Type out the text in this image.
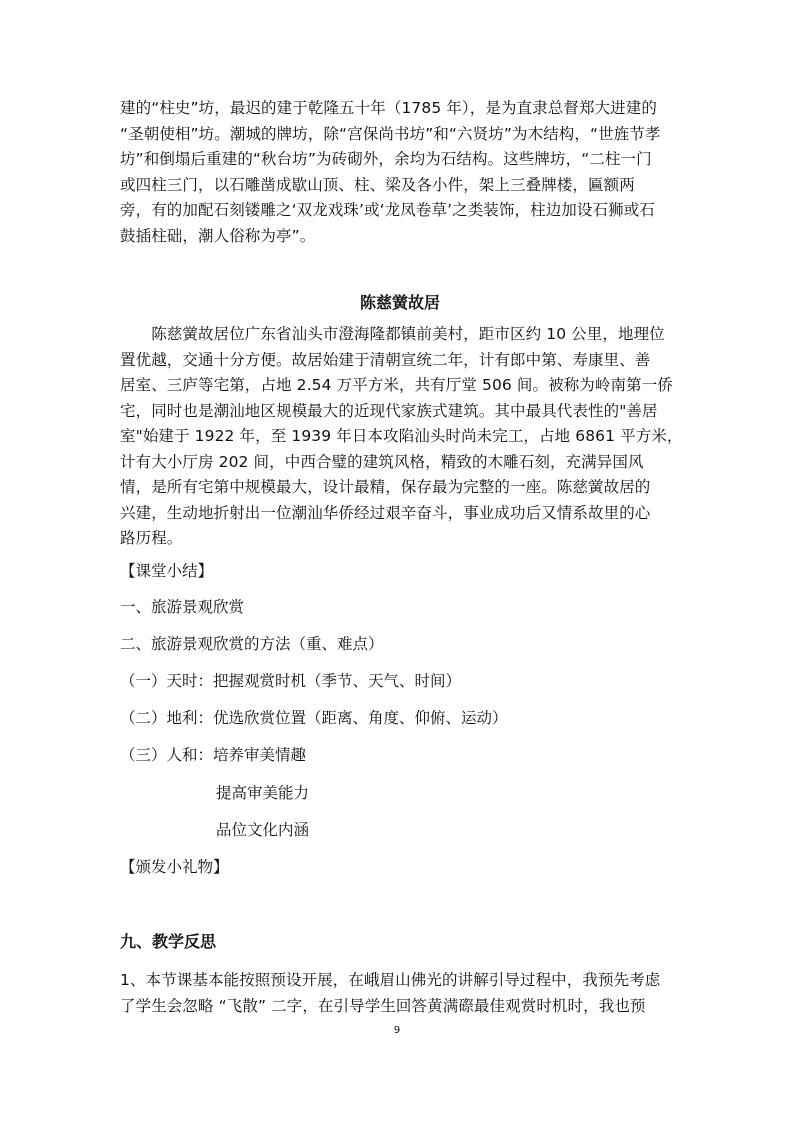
建的“柱史”坊，最迟的建于乾隆五十年（1785 年），是为直隶总督郑大进建的
“圣朝使相”坊。潮城的牌坊，除“宫保尚书坊”和“六贤坊”为木结构，“世旌节孝
坊”和倒塌后重建的“秋台坊”为砖砌外，余均为石结构。这些牌坊，“二柱一门
或四柱三门，以石雕凿成歇山顶、柱、梁及各小件，架上三叠牌楼，匾额两
旁，有的加配石刻镂雕之‘双龙戏珠’或‘龙凤卷草’之类装饰，柱边加设石狮或石
鼓插柱础，潮人俗称为亭”。
陈慈黉故居
　　陈慈黉故居位广东省汕头市澄海隆都镇前美村，距市区约 10 公里，地理位
置优越，交通十分方便。故居始建于清朝宣统二年，计有郎中第、寿康里、善
居室、三庐等宅第，占地 2.54 万平方米，共有厅堂 506 间。被称为岭南第一侨
宅，同时也是潮汕地区规模最大的近现代家族式建筑。其中最具代表性的"善居
室"始建于 1922 年，至 1939 年日本攻陷汕头时尚未完工，占地 6861 平方米，
计有大小厅房 202 间，中西合璧的建筑风格，精致的木雕石刻，充满异国风
情，是所有宅第中规模最大，设计最精，保存最为完整的一座。陈慈黉故居的
兴建，生动地折射出一位潮汕华侨经过艰辛奋斗，事业成功后又情系故里的心
路历程。
【课堂小结】
一、旅游景观欣赏
二、旅游景观欣赏的方法（重、难点）
（一）天时：把握观赏时机（季节、天气、时间）
（二）地利：优选欣赏位置（距离、角度、仰俯、运动）
（三）人和：培养审美情趣
提高审美能力
品位文化内涵
【颁发小礼物】
九、教学反思
1、本节课基本能按照预设开展，在峨眉山佛光的讲解引导过程中，我预先考虑
了学生会忽略 “飞散” 二字，在引导学生回答黄满磜最佳观赏时机时，我也预
9
